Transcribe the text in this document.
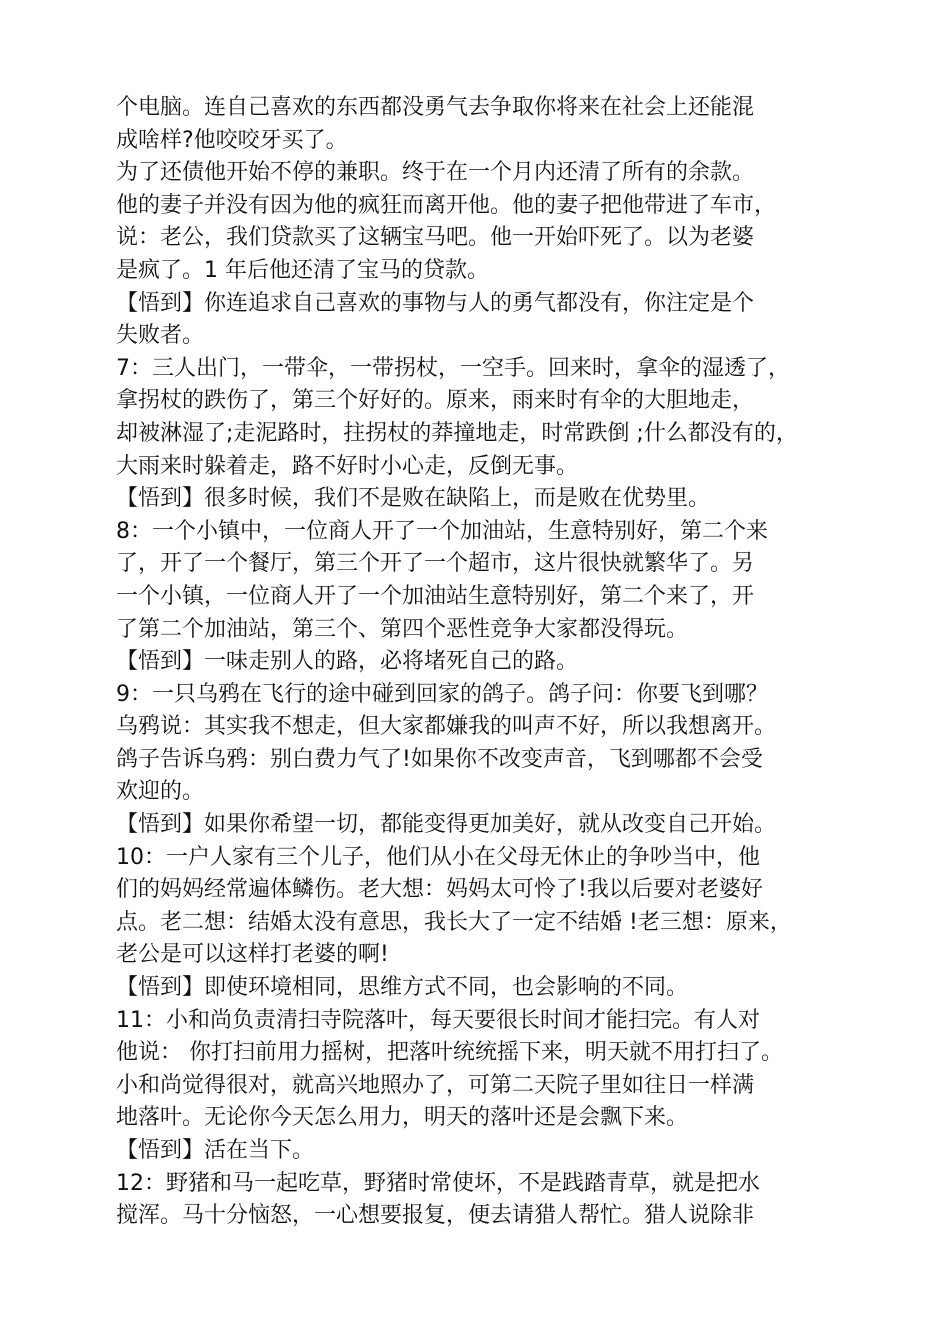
个电脑。连自己喜欢的东西都没勇气去争取你将来在社会上还能混
成啥样?他咬咬牙买了。
为了还债他开始不停的兼职。终于在一个月内还清了所有的余款。
他的妻子并没有因为他的疯狂而离开他。他的妻子把他带进了车市，
说：老公，我们贷款买了这辆宝马吧。他一开始吓死了。以为老婆
是疯了。1 年后他还清了宝马的贷款。
【悟到】你连追求自己喜欢的事物与人的勇气都没有，你注定是个
失败者。
7：三人出门，一带伞，一带拐杖，一空手。回来时，拿伞的湿透了，
拿拐杖的跌伤了，第三个好好的。原来，雨来时有伞的大胆地走，
却被淋湿了;走泥路时，拄拐杖的莽撞地走，时常跌倒 ;什么都没有的，
大雨来时躲着走，路不好时小心走，反倒无事。
【悟到】很多时候，我们不是败在缺陷上，而是败在优势里。
8：一个小镇中，一位商人开了一个加油站，生意特别好，第二个来
了，开了一个餐厅，第三个开了一个超市，这片很快就繁华了。另
一个小镇，一位商人开了一个加油站生意特别好，第二个来了，开
了第二个加油站，第三个、第四个恶性竞争大家都没得玩。
【悟到】一味走别人的路，必将堵死自己的路。
9：一只乌鸦在飞行的途中碰到回家的鸽子。鸽子问：你要飞到哪？
乌鸦说：其实我不想走，但大家都嫌我的叫声不好，所以我想离开。
鸽子告诉乌鸦：别白费力气了!如果你不改变声音，飞到哪都不会受
欢迎的。
【悟到】如果你希望一切，都能变得更加美好，就从改变自己开始。
10：一户人家有三个儿子，他们从小在父母无休止的争吵当中，他
们的妈妈经常遍体鳞伤。老大想：妈妈太可怜了!我以后要对老婆好
点。老二想：结婚太没有意思，我长大了一定不结婚 !老三想：原来，
老公是可以这样打老婆的啊!
【悟到】即使环境相同，思维方式不同，也会影响的不同。
11：小和尚负责清扫寺院落叶，每天要很长时间才能扫完。有人对
他说： 你打扫前用力摇树，把落叶统统摇下来，明天就不用打扫了。
小和尚觉得很对，就高兴地照办了，可第二天院子里如往日一样满
地落叶。无论你今天怎么用力，明天的落叶还是会飘下来。
【悟到】活在当下。
12：野猪和马一起吃草，野猪时常使坏，不是践踏青草，就是把水
搅浑。马十分恼怒，一心想要报复，便去请猎人帮忙。猎人说除非
